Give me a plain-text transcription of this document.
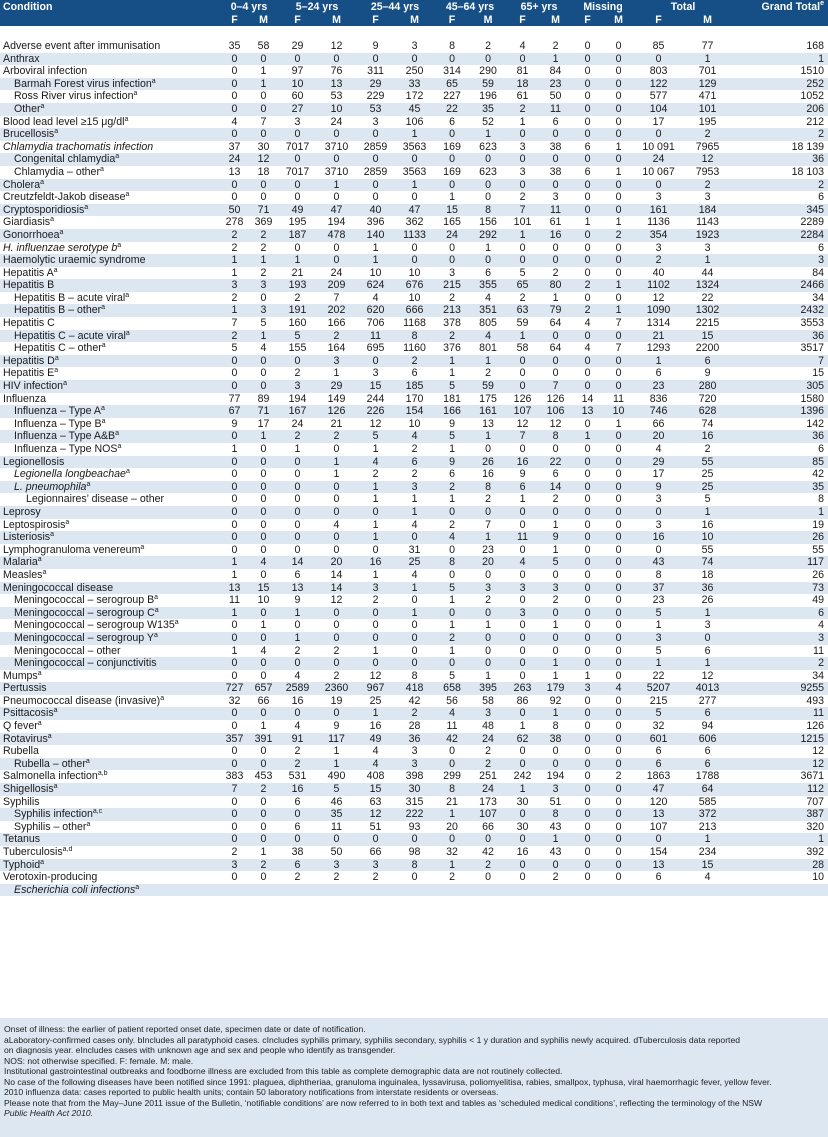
Condition	0–4 yrs		5–24 yrs		25–44 yrs		45–64 yrs		65+ yrs		Missing		Total		Grand Total$^e$
	F	M	F	M	F	M	F	M	F	M	F	M	F	M	

Adverse event after immunisation	35	58	29	12	9	3	8	2	4	2	0	0	85	77	168
Anthrax	0	0	0	0	0	0	0	0	0	1	0	0	0	1	1
Arboviral infection	0	1	97	76	311	250	314	290	81	84	0	0	803	701	1510
Barmah Forest virus infection$^a$	0	1	10	13	29	33	65	59	18	23	0	0	122	129	252
Ross River virus infection$^a$	0	0	60	53	229	172	227	196	61	50	0	0	577	471	1052
Other$^a$	0	0	27	10	53	45	22	35	2	11	0	0	104	101	206
Blood lead level ≥15 $\mu g/dl^a$	4	7	3	24	3	106	6	52	1	6	0	0	17	195	212
Brucellosis$^a$	0	0	0	0	0	1	0	1	0	0	0	0	0	2	2
Chlamydia trachomatis infection	37	30	7017	3710	2859	3563	169	623	3	38	6	1	10 091	7965	18 139
Congenital chlamydia$^a$	24	12	0	0	0	0	0	0	0	0	0	0	24	12	36
Chlamydia – other$^a$	13	18	7017	3710	2859	3563	169	623	3	38	6	1	10 067	7953	18 103
Cholera$^a$	0	0	0	1	0	1	0	0	0	0	0	0	0	2	2
Creutzfeldt-Jakob disease$^a$	0	0	0	0	0	0	1	0	2	3	0	0	3	3	6
Cryptosporidiosis$^a$	50	71	49	47	40	47	15	8	7	11	0	0	161	184	345
Giardiasis$^a$	278	369	195	194	396	362	165	156	101	61	1	1	1136	1143	2289
Gonorrhoea$^a$	2	2	187	478	140	1133	24	292	1	16	0	2	354	1923	2284
H. influenzae serotype $b^a$	2	2	0	0	1	0	0	1	0	0	0	0	3	3	6
Haemolytic uraemic syndrome	1	1	1	0	1	0	0	0	0	0	0	0	2	1	3
Hepatitis $A^a$	1	2	21	24	10	10	3	6	5	2	0	0	40	44	84
Hepatitis B	3	3	193	209	624	676	215	355	65	80	2	1	1102	1324	2466
Hepatitis B – acute viral$^a$	2	0	2	7	4	10	2	4	2	1	0	0	12	22	34
Hepatitis B – other$^a$	1	3	191	202	620	666	213	351	63	79	2	1	1090	1302	2432
Hepatitis C	7	5	160	166	706	1168	378	805	59	64	4	7	1314	2215	3553
Hepatitis C – acute viral$^a$	2	1	5	2	11	8	2	4	1	0	0	0	21	15	36
Hepatitis C – other$^a$	5	4	155	164	695	1160	376	801	58	64	4	7	1293	2200	3517
Hepatitis $D^a$	0	0	0	3	0	2	1	1	0	0	0	0	1	6	7
Hepatitis $E^a$	0	0	2	1	3	6	1	2	0	0	0	0	6	9	15
HIV infection$^a$	0	0	3	29	15	185	5	59	0	7	0	0	23	280	305
Influenza	77	89	194	149	244	170	181	175	126	126	14	11	836	720	1580
Influenza – Type $A^a$	67	71	167	126	226	154	166	161	107	106	13	10	746	628	1396
Influenza – Type $B^a$	9	17	24	21	12	10	9	13	12	12	0	1	66	74	142
Influenza – Type $A\&B^a$	0	1	2	2	5	4	5	1	7	8	1	0	20	16	36
Influenza – Type NOS$^a$	1	0	1	0	1	2	1	0	0	0	0	0	4	2	6
Legionellosis	0	0	0	1	4	6	9	26	16	22	0	0	29	55	85
Legionella longbeachae$^a$	0	0	0	1	2	2	6	16	9	6	0	0	17	25	42
L. pneumophila$^a$	0	0	0	0	1	3	2	8	6	14	0	0	9	25	35
Legionnaires’ disease – other	0	0	0	0	1	1	1	2	1	2	0	0	3	5	8
Leprosy	0	0	0	0	0	1	0	0	0	0	0	0	0	1	1
Leptospirosis$^a$	0	0	0	4	1	4	2	7	0	1	0	0	3	16	19
Listeriosis$^a$	0	0	0	0	1	0	4	1	11	9	0	0	16	10	26
Lymphogranuloma venereum$^a$	0	0	0	0	0	31	0	23	0	1	0	0	0	55	55
Malaria$^a$	1	4	14	20	16	25	8	20	4	5	0	0	43	74	117
Measles$^a$	1	0	6	14	1	4	0	0	0	0	0	0	8	18	26
Meningococcal disease	13	15	13	14	3	1	5	3	3	3	0	0	37	36	73
Meningococcal – serogroup $B^a$	11	10	9	12	2	0	1	2	0	2	0	0	23	26	49
Meningococcal – serogroup $C^a$	1	0	1	0	0	1	0	0	3	0	0	0	5	1	6
Meningococcal – serogroup W135$^a$	0	1	0	0	0	0	1	1	0	1	0	0	1	3	4
Meningococcal – serogroup $Y^a$	0	0	1	0	0	0	2	0	0	0	0	0	3	0	3
Meningococcal – other	1	4	2	2	1	0	1	0	0	0	0	0	5	6	11
Meningococcal – conjunctivitis	0	0	0	0	0	0	0	0	0	1	0	0	1	1	2
Mumps$^a$	0	0	4	2	12	8	5	1	0	1	1	0	22	12	34
Pertussis	727	657	2589	2360	967	418	658	395	263	179	3	4	5207	4013	9255
Pneumococcal disease (invasive)$^a$	32	66	16	19	25	42	56	58	86	92	0	0	215	277	493
Psittacosis$^a$	0	0	0	0	1	2	4	3	0	1	0	0	5	6	11
Q fever$^a$	0	1	4	9	16	28	11	48	1	8	0	0	32	94	126
Rotavirus$^a$	357	391	91	117	49	36	42	24	62	38	0	0	601	606	1215
Rubella	0	0	2	1	4	3	0	2	0	0	0	0	6	6	12
Rubella – other$^a$	0	0	2	1	4	3	0	2	0	0	0	0	6	6	12
Salmonella infection$^{a,b}$	383	453	531	490	408	398	299	251	242	194	0	2	1863	1788	3671
Shigellosis$^a$	7	2	16	5	15	30	8	24	1	3	0	0	47	64	112
Syphilis	0	0	6	46	63	315	21	173	30	51	0	0	120	585	707
Syphilis infection$^{a,c}$	0	0	0	35	12	222	1	107	0	8	0	0	13	372	387
Syphilis – other$^a$	0	0	6	11	51	93	20	66	30	43	0	0	107	213	320
Tetanus	0	0	0	0	0	0	0	0	0	1	0	0	0	1	1
Tuberculosis$^{a,d}$	2	1	38	50	66	98	32	42	16	43	0	0	154	234	392
Typhoid$^a$	3	2	6	3	3	8	1	2	0	0	0	0	13	15	28
Verotoxin-producing	0	0	2	2	2	0	2	0	0	2	0	0	6	4	10
Escherichia coli infections$^a$															
Onset of illness: the earlier of patient reported onset date, specimen date or date of notification.
aLaboratory-confirmed cases only. bIncludes all paratyphoid cases. cIncludes syphilis primary, syphilis secondary, syphilis < 1 y duration and syphilis newly acquired. dTuberculosis data reported
on diagnosis year. eIncludes cases with unknown age and sex and people who identify as transgender.
NOS: not otherwise specified. F: female. M: male.
Institutional gastrointestinal outbreaks and foodborne illness are excluded from this table as complete demographic data are not routinely collected.
No case of the following diseases have been notified since 1991: plaguea, diphtheriaa, granuloma inguinalea, lyssavirusa, poliomyelitisa, rabies, smallpox, typhusa, viral haemorrhagic fever, yellow fever.
2010 influenza data: cases reported to public health units; contain 50 laboratory notifications from interstate residents or overseas.
Please note that from the May–June 2011 issue of the Bulletin, ‘notifiable conditions’ are now referred to in both text and tables as ‘scheduled medical conditions’, reflecting the terminology of the NSW
Public Health Act 2010.
